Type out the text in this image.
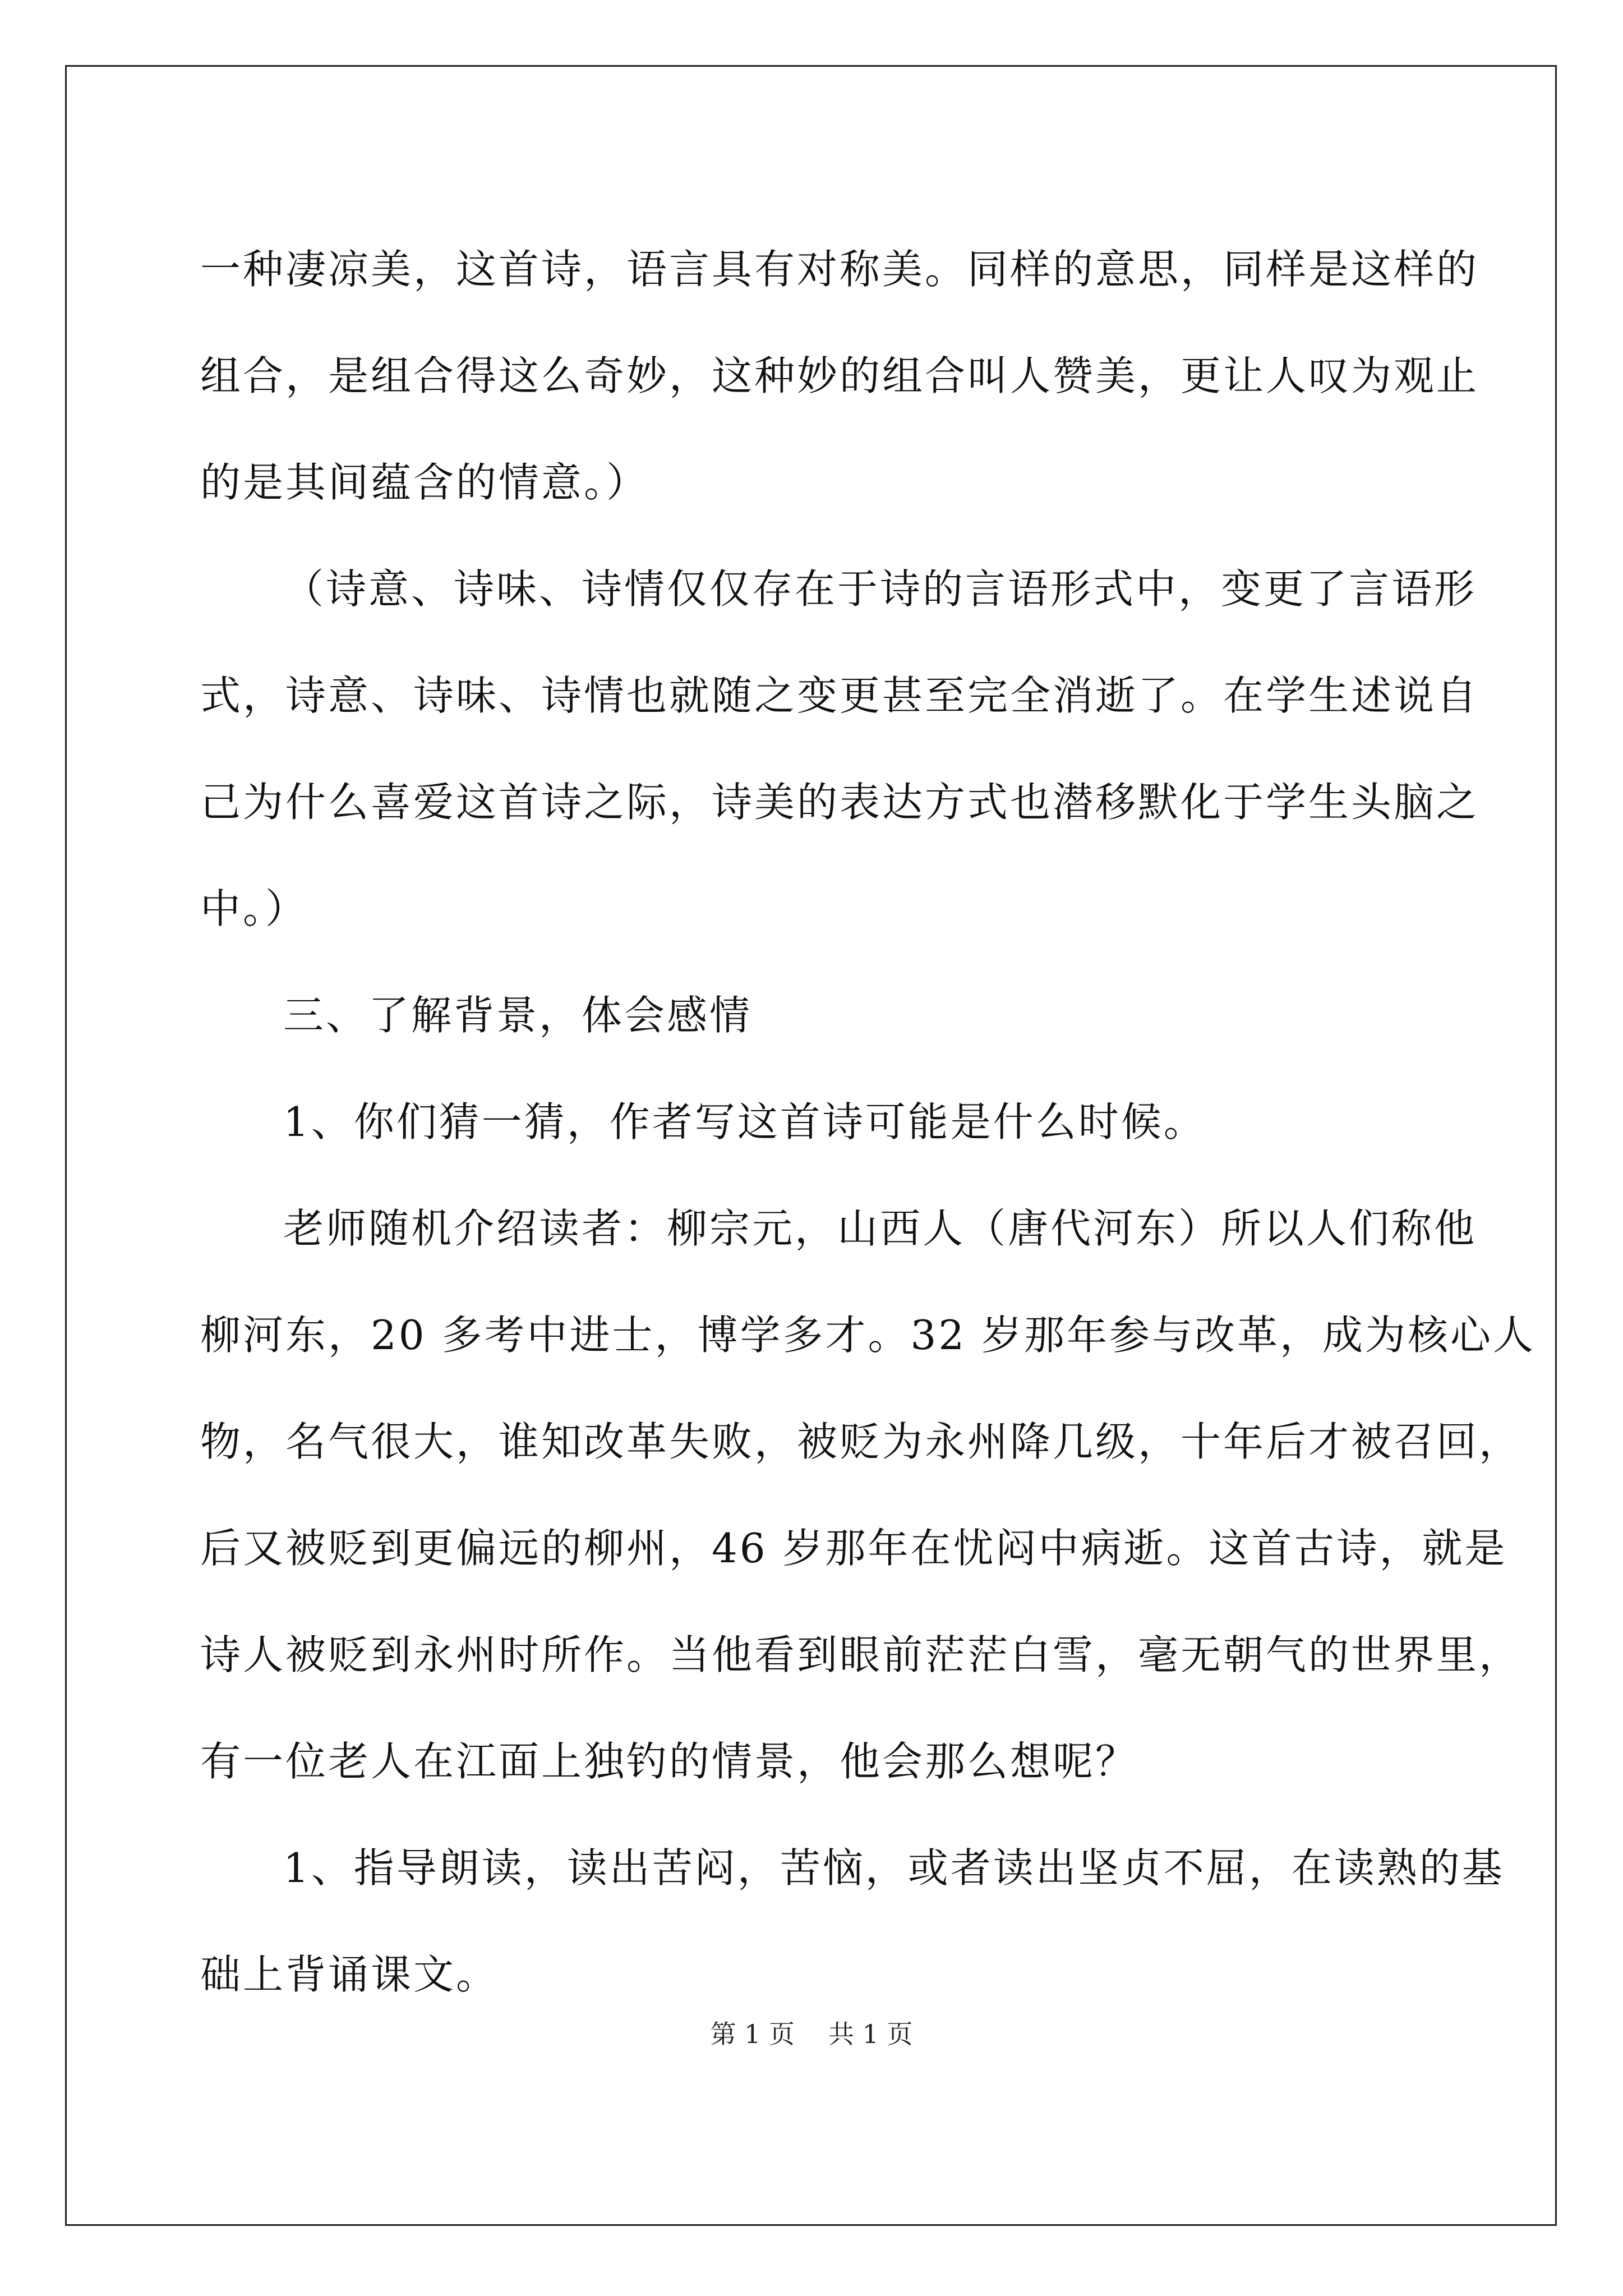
一种凄凉美，这首诗，语言具有对称美。同样的意思，同样是这样的
组合，是组合得这么奇妙，这种妙的组合叫人赞美，更让人叹为观止
的是其间蕴含的情意。）
（诗意、诗味、诗情仅仅存在于诗的言语形式中，变更了言语形
式，诗意、诗味、诗情也就随之变更甚至完全消逝了。在学生述说自
己为什么喜爱这首诗之际，诗美的表达方式也潜移默化于学生头脑之
中。）
三、了解背景，体会感情
1、你们猜一猜，作者写这首诗可能是什么时候。
老师随机介绍读者：柳宗元，山西人（唐代河东）所以人们称他
柳河东，20 多考中进士，博学多才。32 岁那年参与改革，成为核心人
物，名气很大，谁知改革失败，被贬为永州降几级，十年后才被召回，
后又被贬到更偏远的柳州，46 岁那年在忧闷中病逝。这首古诗，就是
诗人被贬到永州时所作。当他看到眼前茫茫白雪，毫无朝气的世界里，
有一位老人在江面上独钓的情景，他会那么想呢？
1、指导朗读，读出苦闷，苦恼，或者读出坚贞不屈，在读熟的基
础上背诵课文。
第 1 页 共 1 页
